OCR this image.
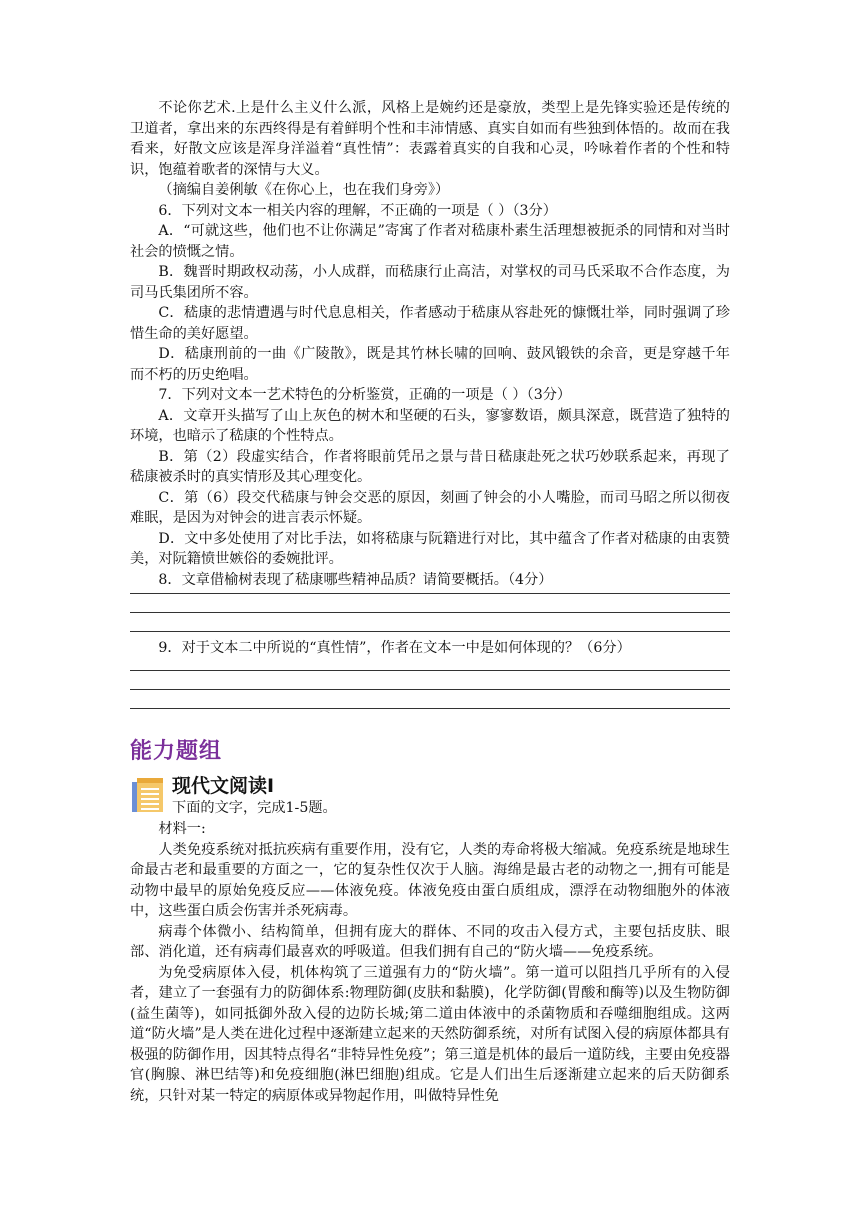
不论你艺术.上是什么主义什么派，风格上是婉约还是豪放，类型上是先锋实验还是传统的卫道者，拿出来的东西终得是有着鲜明个性和丰沛情感、真实自如而有些独到体悟的。故而在我看来，好散文应该是浑身洋溢着“真性情”：表露着真实的自我和心灵，吟咏着作者的个性和特识，饱蕴着歌者的深情与大义。

（摘编自姜俐敏《在你心上，也在我们身旁》）

6．下列对文本一相关内容的理解，不正确的一项是（ ）（3分）

A．“可就这些，他们也不让你满足”寄寓了作者对嵇康朴素生活理想被扼杀的同情和对当时社会的愤慨之情。

B．魏晋时期政权动荡，小人成群，而嵇康行止高洁，对掌权的司马氏采取不合作态度，为司马氏集团所不容。

C．嵇康的悲情遭遇与时代息息相关，作者感动于嵇康从容赴死的慷慨壮举，同时强调了珍惜生命的美好愿望。

D．嵇康刑前的一曲《广陵散》，既是其竹林长啸的回响、鼓风锻铁的余音，更是穿越千年而不朽的历史绝唱。

7．下列对文本一艺术特色的分析鉴赏，正确的一项是（ ）（3分）

A．文章开头描写了山上灰色的树木和坚硬的石头，寥寥数语，颇具深意，既营造了独特的环境，也暗示了嵇康的个性特点。

B．第（2）段虚实结合，作者将眼前凭吊之景与昔日嵇康赴死之状巧妙联系起来，再现了嵇康被杀时的真实情形及其心理变化。

C．第（6）段交代嵇康与钟会交恶的原因，刻画了钟会的小人嘴脸，而司马昭之所以彻夜难眠，是因为对钟会的进言表示怀疑。

D．文中多处使用了对比手法，如将嵇康与阮籍进行对比，其中蕴含了作者对嵇康的由衷赞美，对阮籍愤世嫉俗的委婉批评。

8．文章借榆树表现了嵇康哪些精神品质？请简要概括。（4分）

9．对于文本二中所说的“真性情”，作者在文本一中是如何体现的？（6分）

能力题组
现代文阅读Ⅰ

下面的文字，完成1-5题。

材料一:

人类免疫系统对抵抗疾病有重要作用，没有它，人类的寿命将极大缩减。免疫系统是地球生命最古老和最重要的方面之一，它的复杂性仅次于人脑。海绵是最古老的动物之一,拥有可能是动物中最早的原始免疫反应——体液免疫。体液免疫由蛋白质组成，漂浮在动物细胞外的体液中，这些蛋白质会伤害并杀死病毒。

病毒个体微小、结构简单，但拥有庞大的群体、不同的攻击入侵方式，主要包括皮肤、眼部、消化道，还有病毒们最喜欢的呼吸道。但我们拥有自己的“防火墙——免疫系统。

为免受病原体入侵，机体构筑了三道强有力的“防火墙”。第一道可以阻挡几乎所有的入侵者，建立了一套强有力的防御体系:物理防御(皮肤和黏膜)，化学防御(胃酸和酶等)以及生物防御(益生菌等)，如同抵御外敌入侵的边防长城;第二道由体液中的杀菌物质和吞噬细胞组成。这两道“防火墙”是人类在进化过程中逐渐建立起来的天然防御系统，对所有试图入侵的病原体都具有极强的防御作用，因其特点得名“非特异性免疫”；第三道是机体的最后一道防线，主要由免疫器官(胸腺、淋巴结等)和免疫细胞(淋巴细胞)组成。它是人们出生后逐渐建立起来的后天防御系统，只针对某一特定的病原体或异物起作用，叫做特异性免
